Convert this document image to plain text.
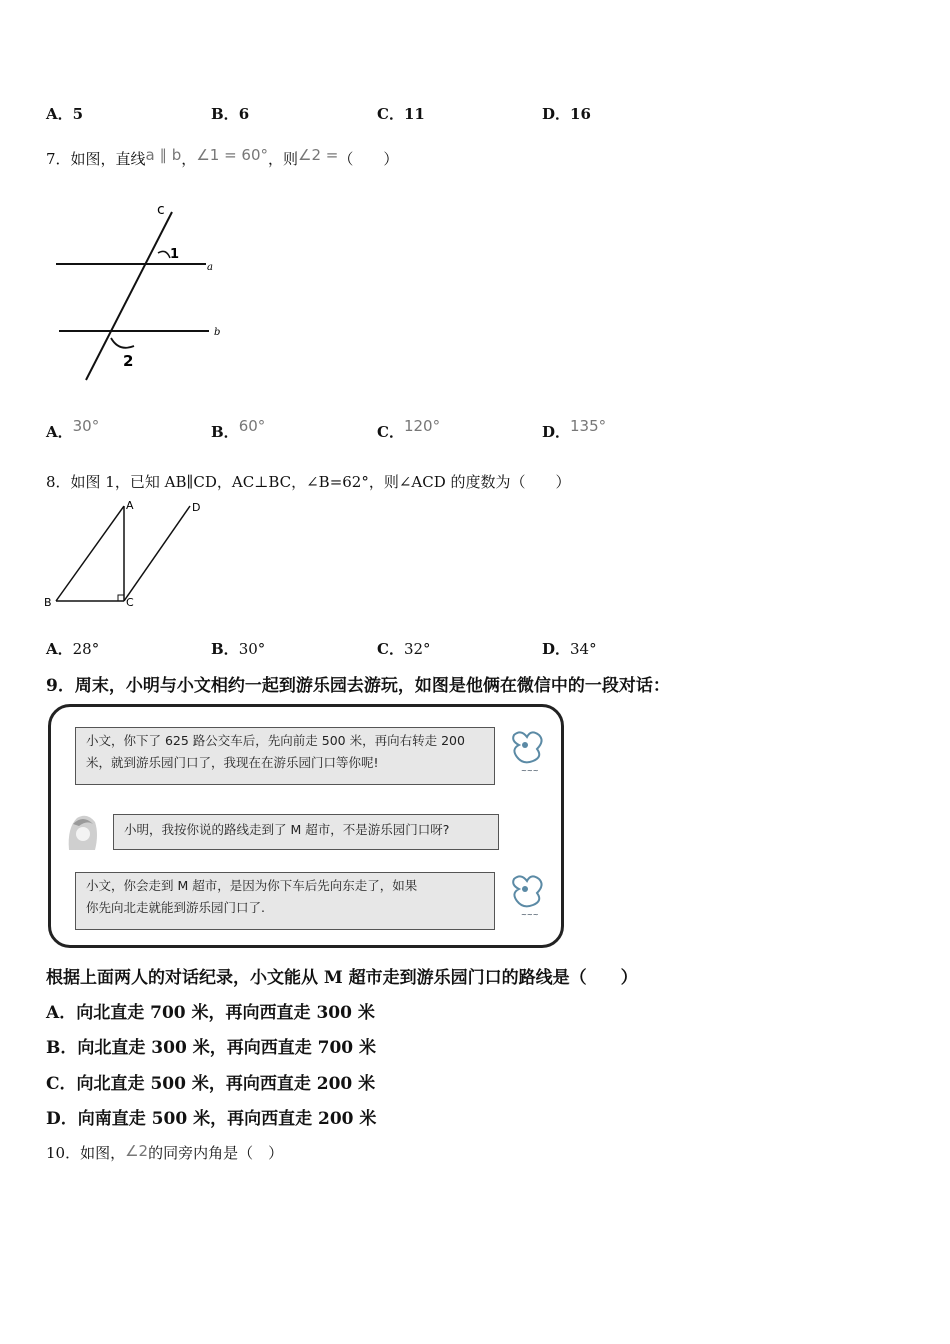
A．5	B．6	C．11	D．16
7．如图，直线a ∥ b，∠1 = 60°，则∠2 =（　　）
c
1
a
b
2
A．30°	B．60°	C．120°	D．135°
8．如图 1，已知 AB∥CD，AC⊥BC，∠B=62°，则∠ACD 的度数为（　　）
A	D
B	C
A．28°	B．30°	C．32°	D．34°
9．周末，小明与小文相约一起到游乐园去游玩，如图是他俩在微信中的一段对话：
小文，你下了 625 路公交车后，先向前走 500 米，再向右转走 200
米，就到游乐园门口了，我现在在游乐园门口等你呢!
~~~
小明，我按你说的路线走到了 M 超市，不是游乐园门口呀?
小文，你会走到 M 超市，是因为你下车后先向东走了，如果
你先向北走就能到游乐园门口了.	~~~
根据上面两人的对话纪录，小文能从 M 超市走到游乐园门口的路线是（　　）
A．向北直走 700 米，再向西直走 300 米
B．向北直走 300 米，再向西直走 700 米
C．向北直走 500 米，再向西直走 200 米
D．向南直走 500 米，再向西直走 200 米
10．如图，∠2的同旁内角是（　）
